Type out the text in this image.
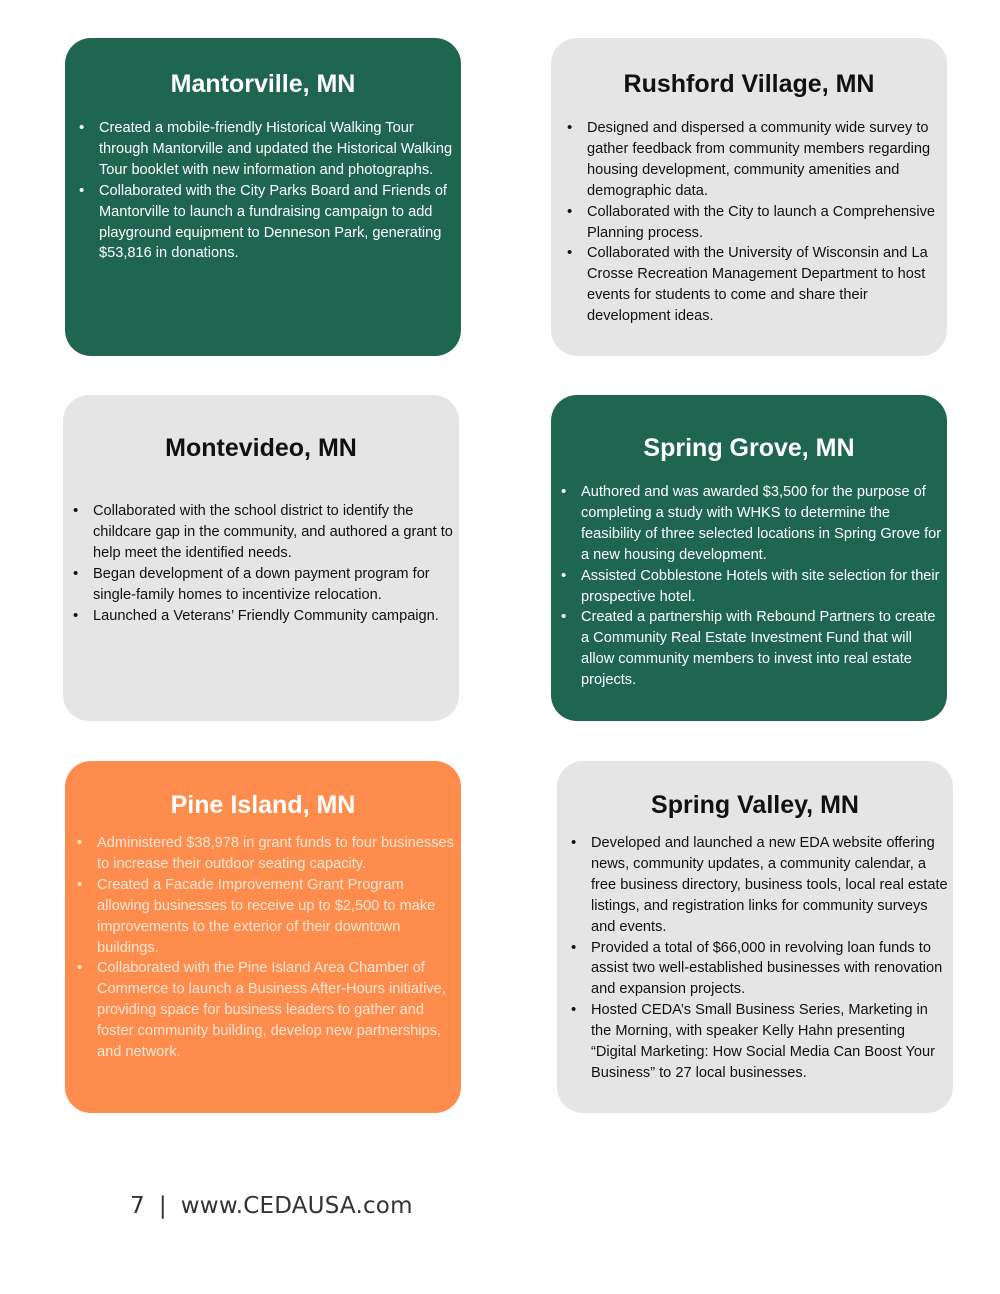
Mantorville, MN
• Created a mobile-friendly Historical Walking Tour through Mantorville and updated the Historical Walking Tour booklet with new information and photographs.
• Collaborated with the City Parks Board and Friends of Mantorville to launch a fundraising campaign to add playground equipment to Denneson Park, generating $53,816 in donations.
Rushford Village, MN
• Designed and dispersed a community wide survey to gather feedback from community members regarding housing development, community amenities and demographic data.
• Collaborated with the City to launch a Comprehensive Planning process.
• Collaborated with the University of Wisconsin and La Crosse Recreation Management Department to host events for students to come and share their development ideas.
Montevideo, MN
• Collaborated with the school district to identify the childcare gap in the community, and authored a grant to help meet the identified needs.
• Began development of a down payment program for single-family homes to incentivize relocation.
• Launched a Veterans’ Friendly Community campaign.
Spring Grove, MN
• Authored and was awarded $3,500 for the purpose of completing a study with WHKS to determine the feasibility of three selected locations in Spring Grove for a new housing development.
• Assisted Cobblestone Hotels with site selection for their prospective hotel.
• Created a partnership with Rebound Partners to create a Community Real Estate Investment Fund that will allow community members to invest into real estate projects.
Pine Island, MN
• Administered $38,978 in grant funds to four businesses to increase their outdoor seating capacity.
• Created a Facade Improvement Grant Program allowing businesses to receive up to $2,500 to make improvements to the exterior of their downtown buildings.
• Collaborated with the Pine Island Area Chamber of Commerce to launch a Business After-Hours initiative, providing space for business leaders to gather and foster community building, develop new partnerships, and network.
Spring Valley, MN
• Developed and launched a new EDA website offering news, community updates, a community calendar, a free business directory, business tools, local real estate listings, and registration links for community surveys and events.
• Provided a total of $66,000 in revolving loan funds to assist two well-established businesses with renovation and expansion projects.
• Hosted CEDA’s Small Business Series, Marketing in the Morning, with speaker Kelly Hahn presenting “Digital Marketing: How Social Media Can Boost Your Business” to 27 local businesses.
7 | www.CEDAUSA.com
